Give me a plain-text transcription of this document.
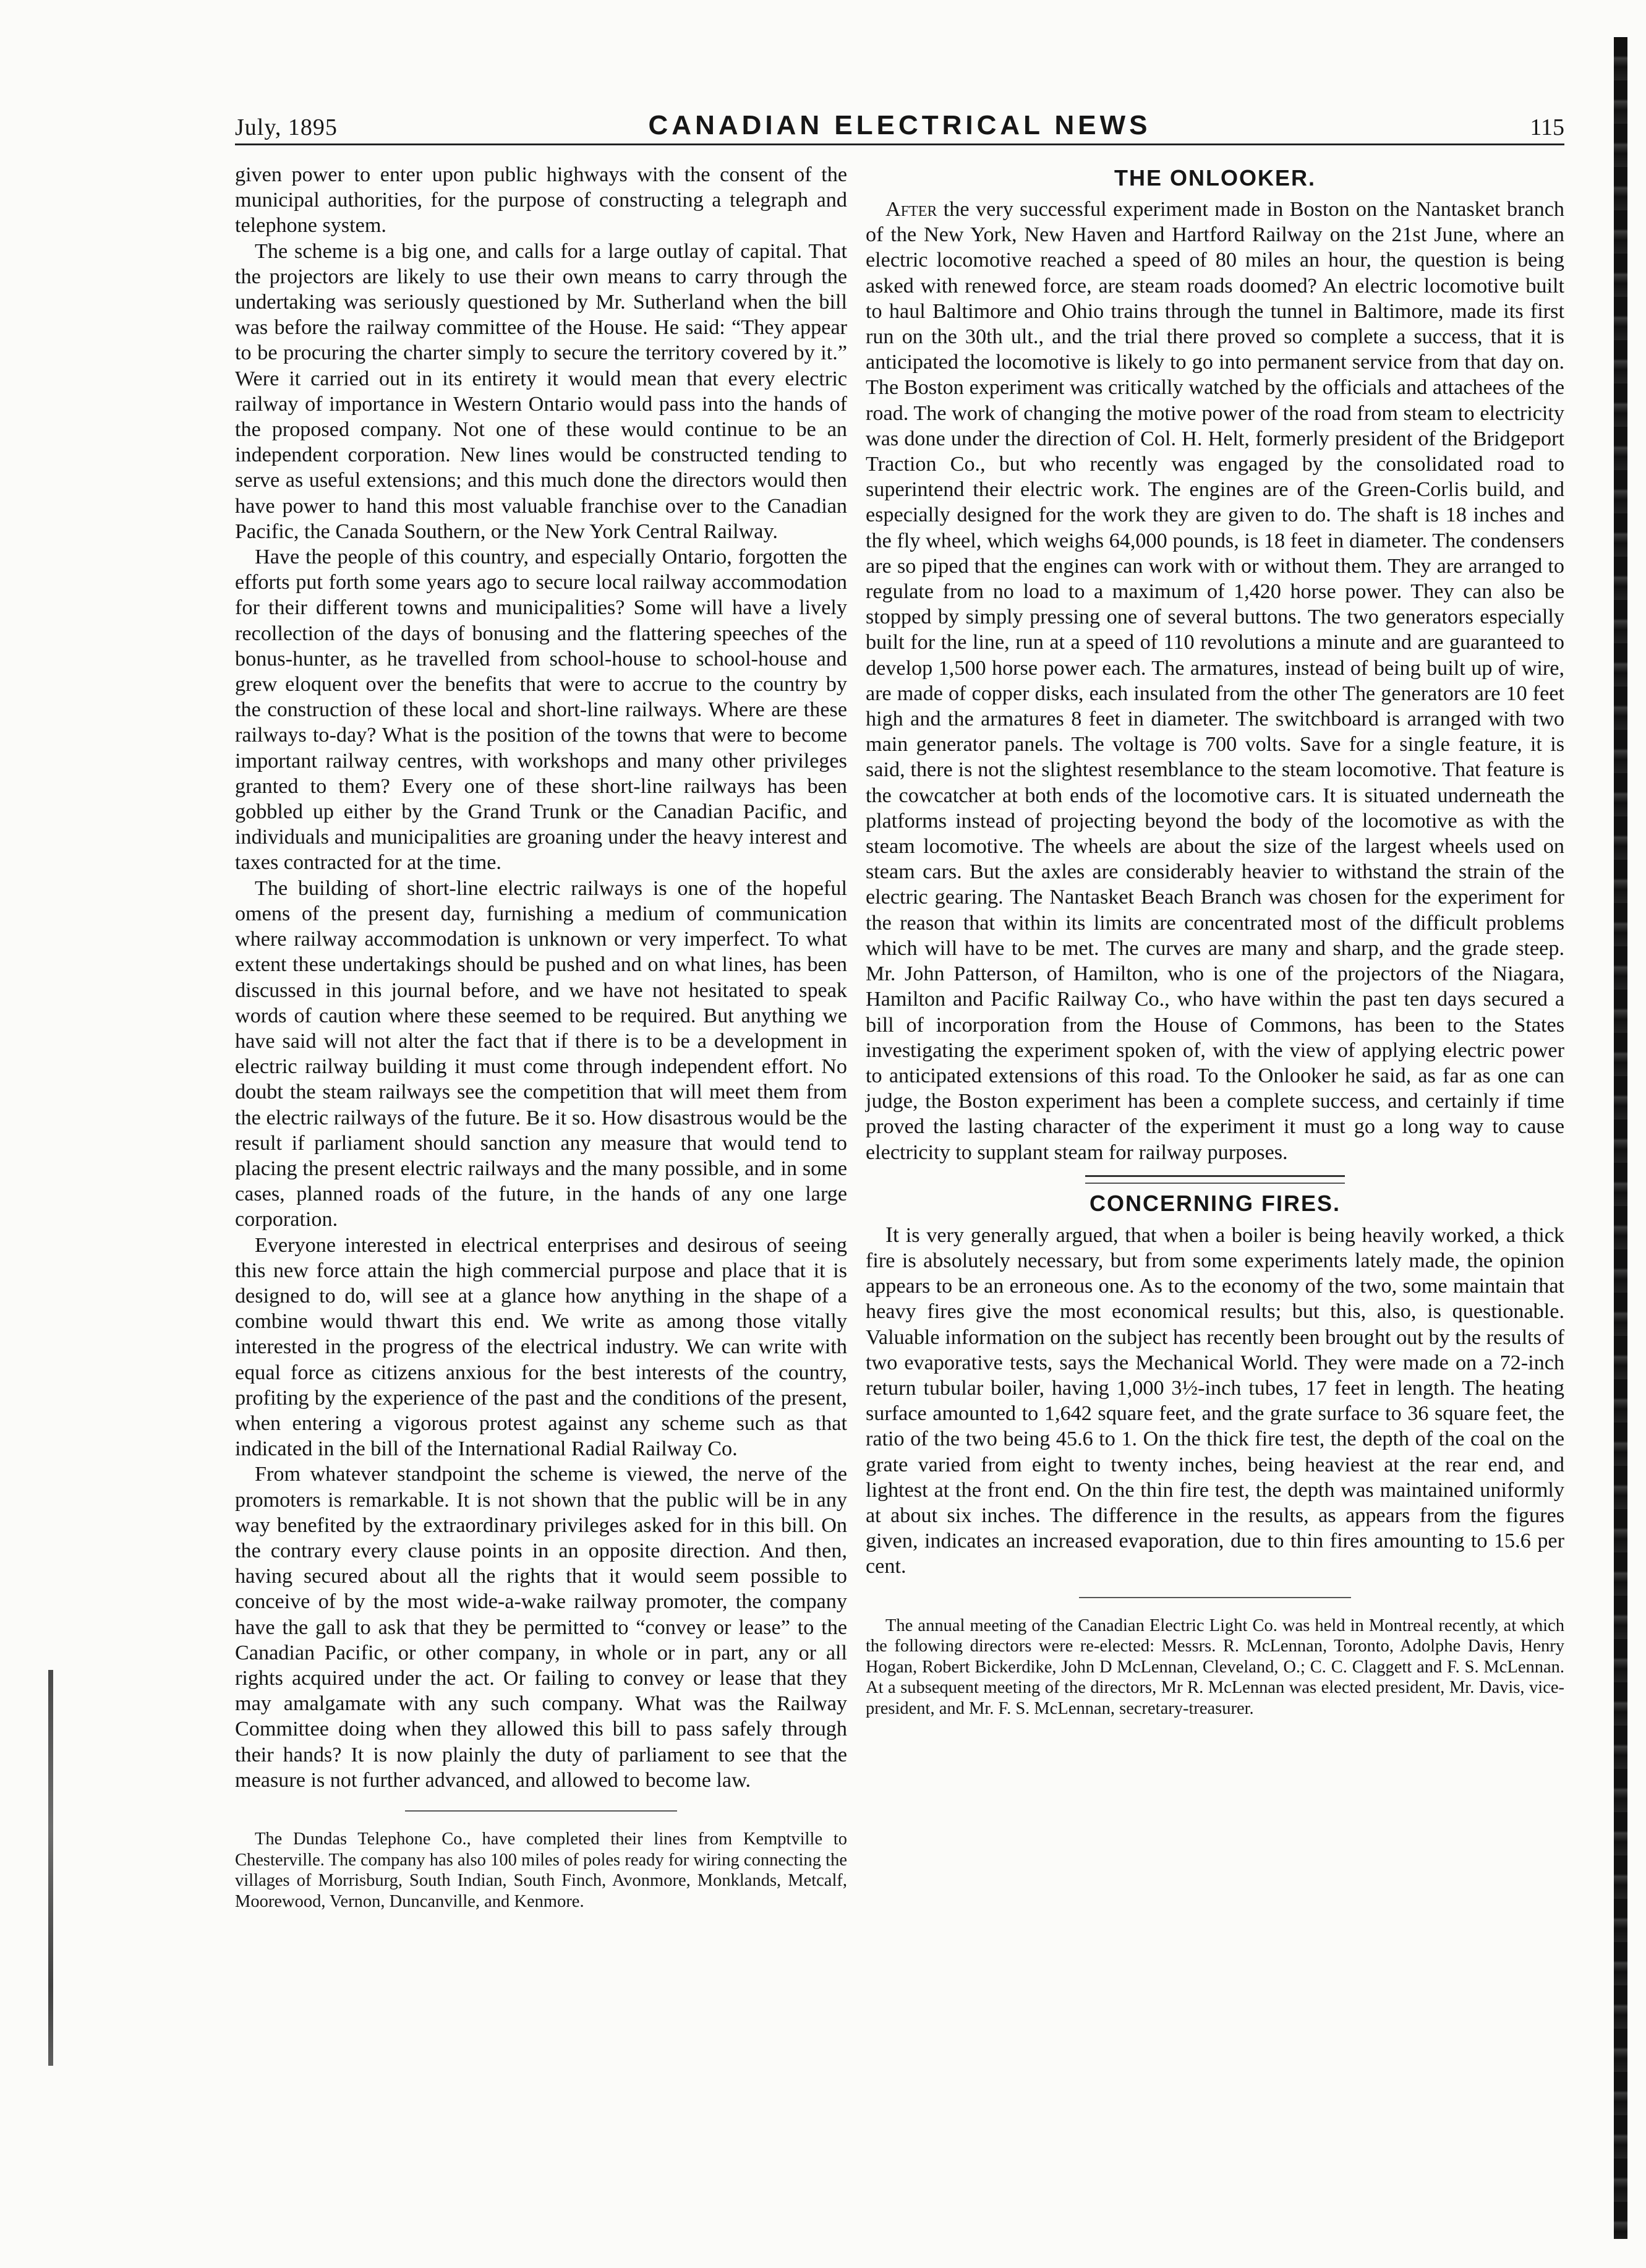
July, 1895	CANADIAN ELECTRICAL NEWS	115

given power to enter upon public highways with the consent of the municipal authorities, for the purpose of constructing a telegraph and telephone system.

The scheme is a big one, and calls for a large outlay of capital. That the projectors are likely to use their own means to carry through the undertaking was seriously questioned by Mr. Sutherland when the bill was before the railway committee of the House. He said: “They appear to be procuring the charter simply to secure the territory covered by it.” Were it carried out in its entirety it would mean that every electric railway of importance in Western Ontario would pass into the hands of the proposed company. Not one of these would continue to be an independent corporation. New lines would be constructed tending to serve as useful extensions; and this much done the directors would then have power to hand this most valuable franchise over to the Canadian Pacific, the Canada Southern, or the New York Central Railway.

Have the people of this country, and especially Ontario, forgotten the efforts put forth some years ago to secure local railway accommodation for their different towns and municipalities? Some will have a lively recollection of the days of bonusing and the flattering speeches of the bonus-hunter, as he travelled from school-house to school-house and grew eloquent over the benefits that were to accrue to the country by the construction of these local and short-line railways. Where are these railways to-day? What is the position of the towns that were to become important railway centres, with workshops and many other privileges granted to them? Every one of these short-line railways has been gobbled up either by the Grand Trunk or the Canadian Pacific, and individuals and municipalities are groaning under the heavy interest and taxes contracted for at the time.

The building of short-line electric railways is one of the hopeful omens of the present day, furnishing a medium of communication where railway accommodation is unknown or very imperfect. To what extent these undertakings should be pushed and on what lines, has been discussed in this journal before, and we have not hesitated to speak words of caution where these seemed to be required. But anything we have said will not alter the fact that if there is to be a development in electric railway building it must come through independent effort. No doubt the steam railways see the competition that will meet them from the electric railways of the future. Be it so. How disastrous would be the result if parliament should sanction any measure that would tend to placing the present electric railways and the many possible, and in some cases, planned roads of the future, in the hands of any one large corporation.

Everyone interested in electrical enterprises and desirous of seeing this new force attain the high commercial purpose and place that it is designed to do, will see at a glance how anything in the shape of a combine would thwart this end. We write as among those vitally interested in the progress of the electrical industry. We can write with equal force as citizens anxious for the best interests of the country, profiting by the experience of the past and the conditions of the present, when entering a vigorous protest against any scheme such as that indicated in the bill of the International Radial Railway Co.

From whatever standpoint the scheme is viewed, the nerve of the promoters is remarkable. It is not shown that the public will be in any way benefited by the extraordinary privileges asked for in this bill. On the contrary every clause points in an opposite direction. And then, having secured about all the rights that it would seem possible to conceive of by the most wide-a-wake railway promoter, the company have the gall to ask that they be permitted to “convey or lease” to the Canadian Pacific, or other company, in whole or in part, any or all rights acquired under the act. Or failing to convey or lease that they may amalgamate with any such company. What was the Railway Committee doing when they allowed this bill to pass safely through their hands? It is now plainly the duty of parliament to see that the measure is not further advanced, and allowed to become law.

The Dundas Telephone Co., have completed their lines from Kemptville to Chesterville. The company has also 100 miles of poles ready for wiring connecting the villages of Morrisburg, South Indian, South Finch, Avonmore, Monklands, Metcalf, Moorewood, Vernon, Duncanville, and Kenmore.

THE ONLOOKER.

After the very successful experiment made in Boston on the Nantasket branch of the New York, New Haven and Hartford Railway on the 21st June, where an electric locomotive reached a speed of 80 miles an hour, the question is being asked with renewed force, are steam roads doomed? An electric locomotive built to haul Baltimore and Ohio trains through the tunnel in Baltimore, made its first run on the 30th ult., and the trial there proved so complete a success, that it is anticipated the locomotive is likely to go into permanent service from that day on. The Boston experiment was critically watched by the officials and attachees of the road. The work of changing the motive power of the road from steam to electricity was done under the direction of Col. H. Helt, formerly president of the Bridgeport Traction Co., but who recently was engaged by the consolidated road to superintend their electric work. The engines are of the Green-Corlis build, and especially designed for the work they are given to do. The shaft is 18 inches and the fly wheel, which weighs 64,000 pounds, is 18 feet in diameter. The condensers are so piped that the engines can work with or without them. They are arranged to regulate from no load to a maximum of 1,420 horse power. They can also be stopped by simply pressing one of several buttons. The two generators especially built for the line, run at a speed of 110 revolutions a minute and are guaranteed to develop 1,500 horse power each. The armatures, instead of being built up of wire, are made of copper disks, each insulated from the other The generators are 10 feet high and the armatures 8 feet in diameter. The switchboard is arranged with two main generator panels. The voltage is 700 volts. Save for a single feature, it is said, there is not the slightest resemblance to the steam locomotive. That feature is the cowcatcher at both ends of the locomotive cars. It is situated underneath the platforms instead of projecting beyond the body of the locomotive as with the steam locomotive. The wheels are about the size of the largest wheels used on steam cars. But the axles are considerably heavier to withstand the strain of the electric gearing. The Nantasket Beach Branch was chosen for the experiment for the reason that within its limits are concentrated most of the difficult problems which will have to be met. The curves are many and sharp, and the grade steep. Mr. John Patterson, of Hamilton, who is one of the projectors of the Niagara, Hamilton and Pacific Railway Co., who have within the past ten days secured a bill of incorporation from the House of Commons, has been to the States investigating the experiment spoken of, with the view of applying electric power to anticipated extensions of this road. To the Onlooker he said, as far as one can judge, the Boston experiment has been a complete success, and certainly if time proved the lasting character of the experiment it must go a long way to cause electricity to supplant steam for railway purposes.

CONCERNING FIRES.

It is very generally argued, that when a boiler is being heavily worked, a thick fire is absolutely necessary, but from some experiments lately made, the opinion appears to be an erroneous one. As to the economy of the two, some maintain that heavy fires give the most economical results; but this, also, is questionable. Valuable information on the subject has recently been brought out by the results of two evaporative tests, says the Mechanical World. They were made on a 72-inch return tubular boiler, having 1,000 3½-inch tubes, 17 feet in length. The heating surface amounted to 1,642 square feet, and the grate surface to 36 square feet, the ratio of the two being 45.6 to 1. On the thick fire test, the depth of the coal on the grate varied from eight to twenty inches, being heaviest at the rear end, and lightest at the front end. On the thin fire test, the depth was maintained uniformly at about six inches. The difference in the results, as appears from the figures given, indicates an increased evaporation, due to thin fires amounting to 15.6 per cent.

The annual meeting of the Canadian Electric Light Co. was held in Montreal recently, at which the following directors were re-elected: Messrs. R. McLennan, Toronto, Adolphe Davis, Henry Hogan, Robert Bickerdike, John D McLennan, Cleveland, O.; C. C. Claggett and F. S. McLennan. At a subsequent meeting of the directors, Mr R. McLennan was elected president, Mr. Davis, vice-president, and Mr. F. S. McLennan, secretary-treasurer.
